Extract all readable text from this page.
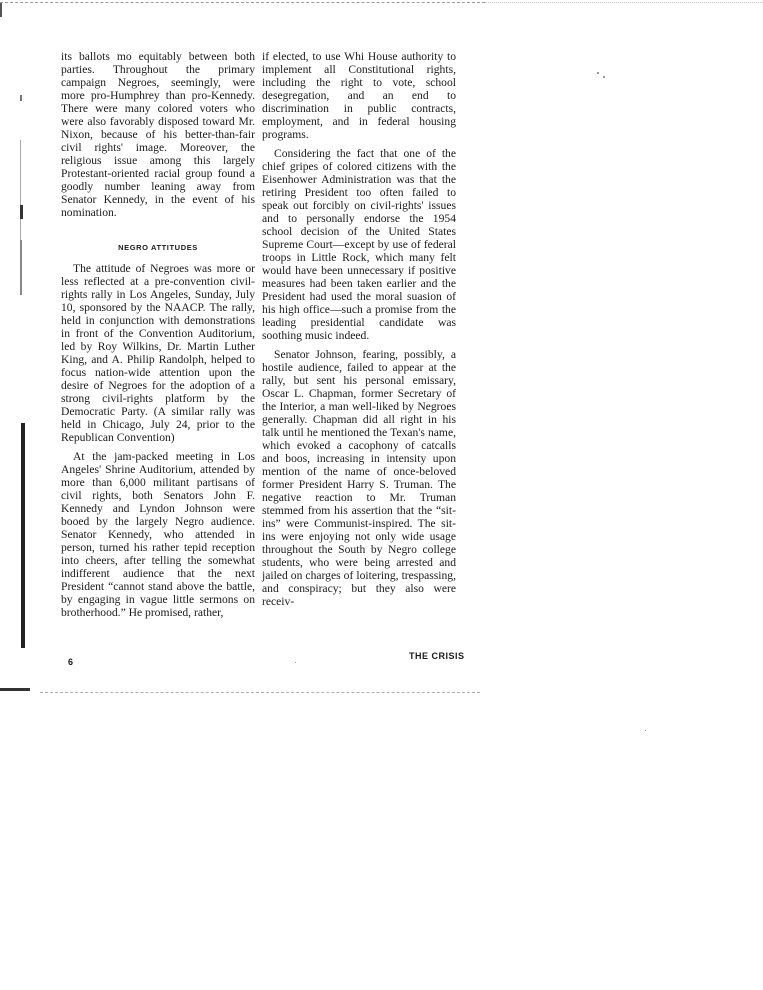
its ballots mo equitably between both parties. Throughout the primary campaign Negroes, seemingly, were more pro-Humphrey than pro-Kennedy. There were many colored voters who were also favorably disposed toward Mr. Nixon, because of his better-than-fair civil rights' image. Moreover, the religious issue among this largely Protestant-oriented racial group found a goodly number leaning away from Senator Kennedy, in the event of his nomination.

NEGRO ATTITUDES

The attitude of Negroes was more or less reflected at a pre-convention civil-rights rally in Los Angeles, Sunday, July 10, sponsored by the NAACP. The rally, held in conjunction with demonstrations in front of the Convention Auditorium, led by Roy Wilkins, Dr. Martin Luther King, and A. Philip Randolph, helped to focus nation-wide attention upon the desire of Negroes for the adoption of a strong civil-rights platform by the Democratic Party. (A similar rally was held in Chicago, July 24, prior to the Republican Convention)

At the jam-packed meeting in Los Angeles' Shrine Auditorium, attended by more than 6,000 militant partisans of civil rights, both Senators John F. Kennedy and Lyndon Johnson were booed by the largely Negro audience. Senator Kennedy, who attended in person, turned his rather tepid reception into cheers, after telling the somewhat indifferent audience that the next President “cannot stand above the battle, by engaging in vague little sermons on brotherhood.” He promised, rather,

if elected, to use Whi House authority to implement all Constitutional rights, including the right to vote, school desegregation, and an end to discrimination in public contracts, employment, and in federal housing programs.

Considering the fact that one of the chief gripes of colored citizens with the Eisenhower Administration was that the retiring President too often failed to speak out forcibly on civil-rights' issues and to personally endorse the 1954 school decision of the United States Supreme Court—except by use of federal troops in Little Rock, which many felt would have been unnecessary if positive measures had been taken earlier and the President had used the moral suasion of his high office—such a promise from the leading presidential candidate was soothing music indeed.

Senator Johnson, fearing, possibly, a hostile audience, failed to appear at the rally, but sent his personal emissary, Oscar L. Chapman, former Secretary of the Interior, a man well-liked by Negroes generally. Chapman did all right in his talk until he mentioned the Texan's name, which evoked a cacophony of catcalls and boos, increasing in intensity upon mention of the name of once-beloved former President Harry S. Truman. The negative reaction to Mr. Truman stemmed from his assertion that the “sit-ins” were Communist-inspired. The sit-ins were enjoying not only wide usage throughout the South by Negro college students, who were being arrested and jailed on charges of loitering, trespassing, and conspiracy; but they also were receiv-

6
THE CRISIS
